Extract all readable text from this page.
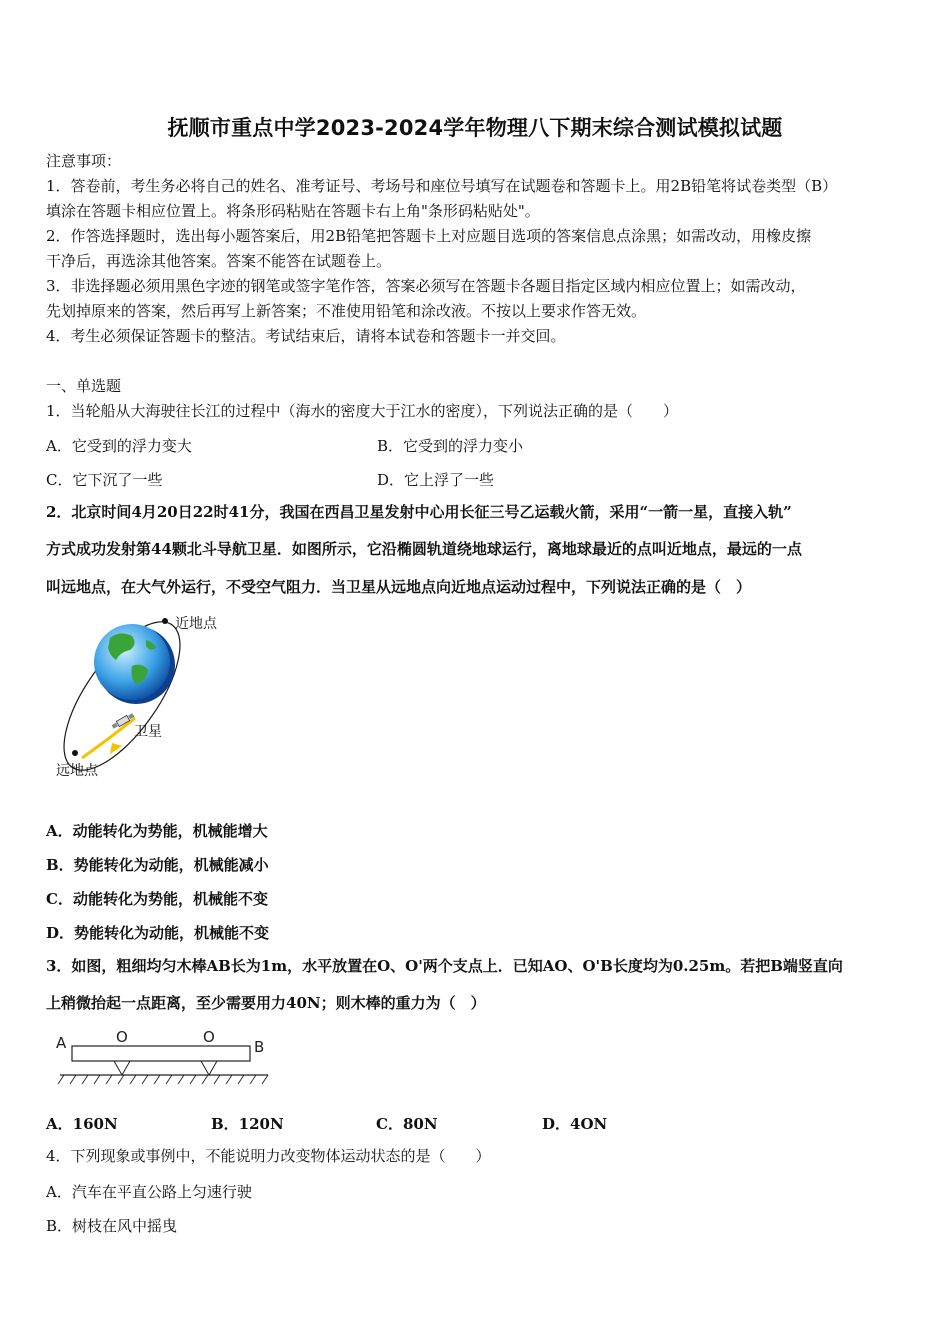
抚顺市重点中学2023-2024学年物理八下期末综合测试模拟试题
注意事项：
1．答卷前，考生务必将自己的姓名、准考证号、考场号和座位号填写在试题卷和答题卡上。用2B铅笔将试卷类型（B）
填涂在答题卡相应位置上。将条形码粘贴在答题卡右上角"条形码粘贴处"。
2．作答选择题时，选出每小题答案后，用2B铅笔把答题卡上对应题目选项的答案信息点涂黑；如需改动，用橡皮擦
干净后，再选涂其他答案。答案不能答在试题卷上。
3．非选择题必须用黑色字迹的钢笔或签字笔作答，答案必须写在答题卡各题目指定区域内相应位置上；如需改动，
先划掉原来的答案，然后再写上新答案；不准使用铅笔和涂改液。不按以上要求作答无效。
4．考生必须保证答题卡的整洁。考试结束后，请将本试卷和答题卡一并交回。
一、单选题
1．当轮船从大海驶往长江的过程中（海水的密度大于江水的密度），下列说法正确的是（　　）
A．它受到的浮力变大	B．它受到的浮力变小
C．它下沉了一些	D．它上浮了一些
2．北京时间4月20日22时41分，我国在西昌卫星发射中心用长征三号乙运载火箭，采用“一箭一星，直接入轨”
方式成功发射第44颗北斗导航卫星．如图所示，它沿椭圆轨道绕地球运行，离地球最近的点叫近地点，最远的一点
叫远地点，在大气外运行，不受空气阻力．当卫星从远地点向近地点运动过程中，下列说法正确的是（　）
近地点
卫星
远地点
A．动能转化为势能，机械能增大
B．势能转化为动能，机械能减小
C．动能转化为势能，机械能不变
D．势能转化为动能，机械能不变
3．如图，粗细均匀木棒AB长为1m，水平放置在O、O'两个支点上．已知AO、O'B长度均为0.25m。若把B端竖直向
上稍微抬起一点距离，至少需要用力40N；则木棒的重力为（　）
A	O	O
B
A．160N	B．120N	C．80N	D．4ON
4．下列现象或事例中，不能说明力改变物体运动状态的是（　　）
A．汽车在平直公路上匀速行驶
B．树枝在风中摇曳
